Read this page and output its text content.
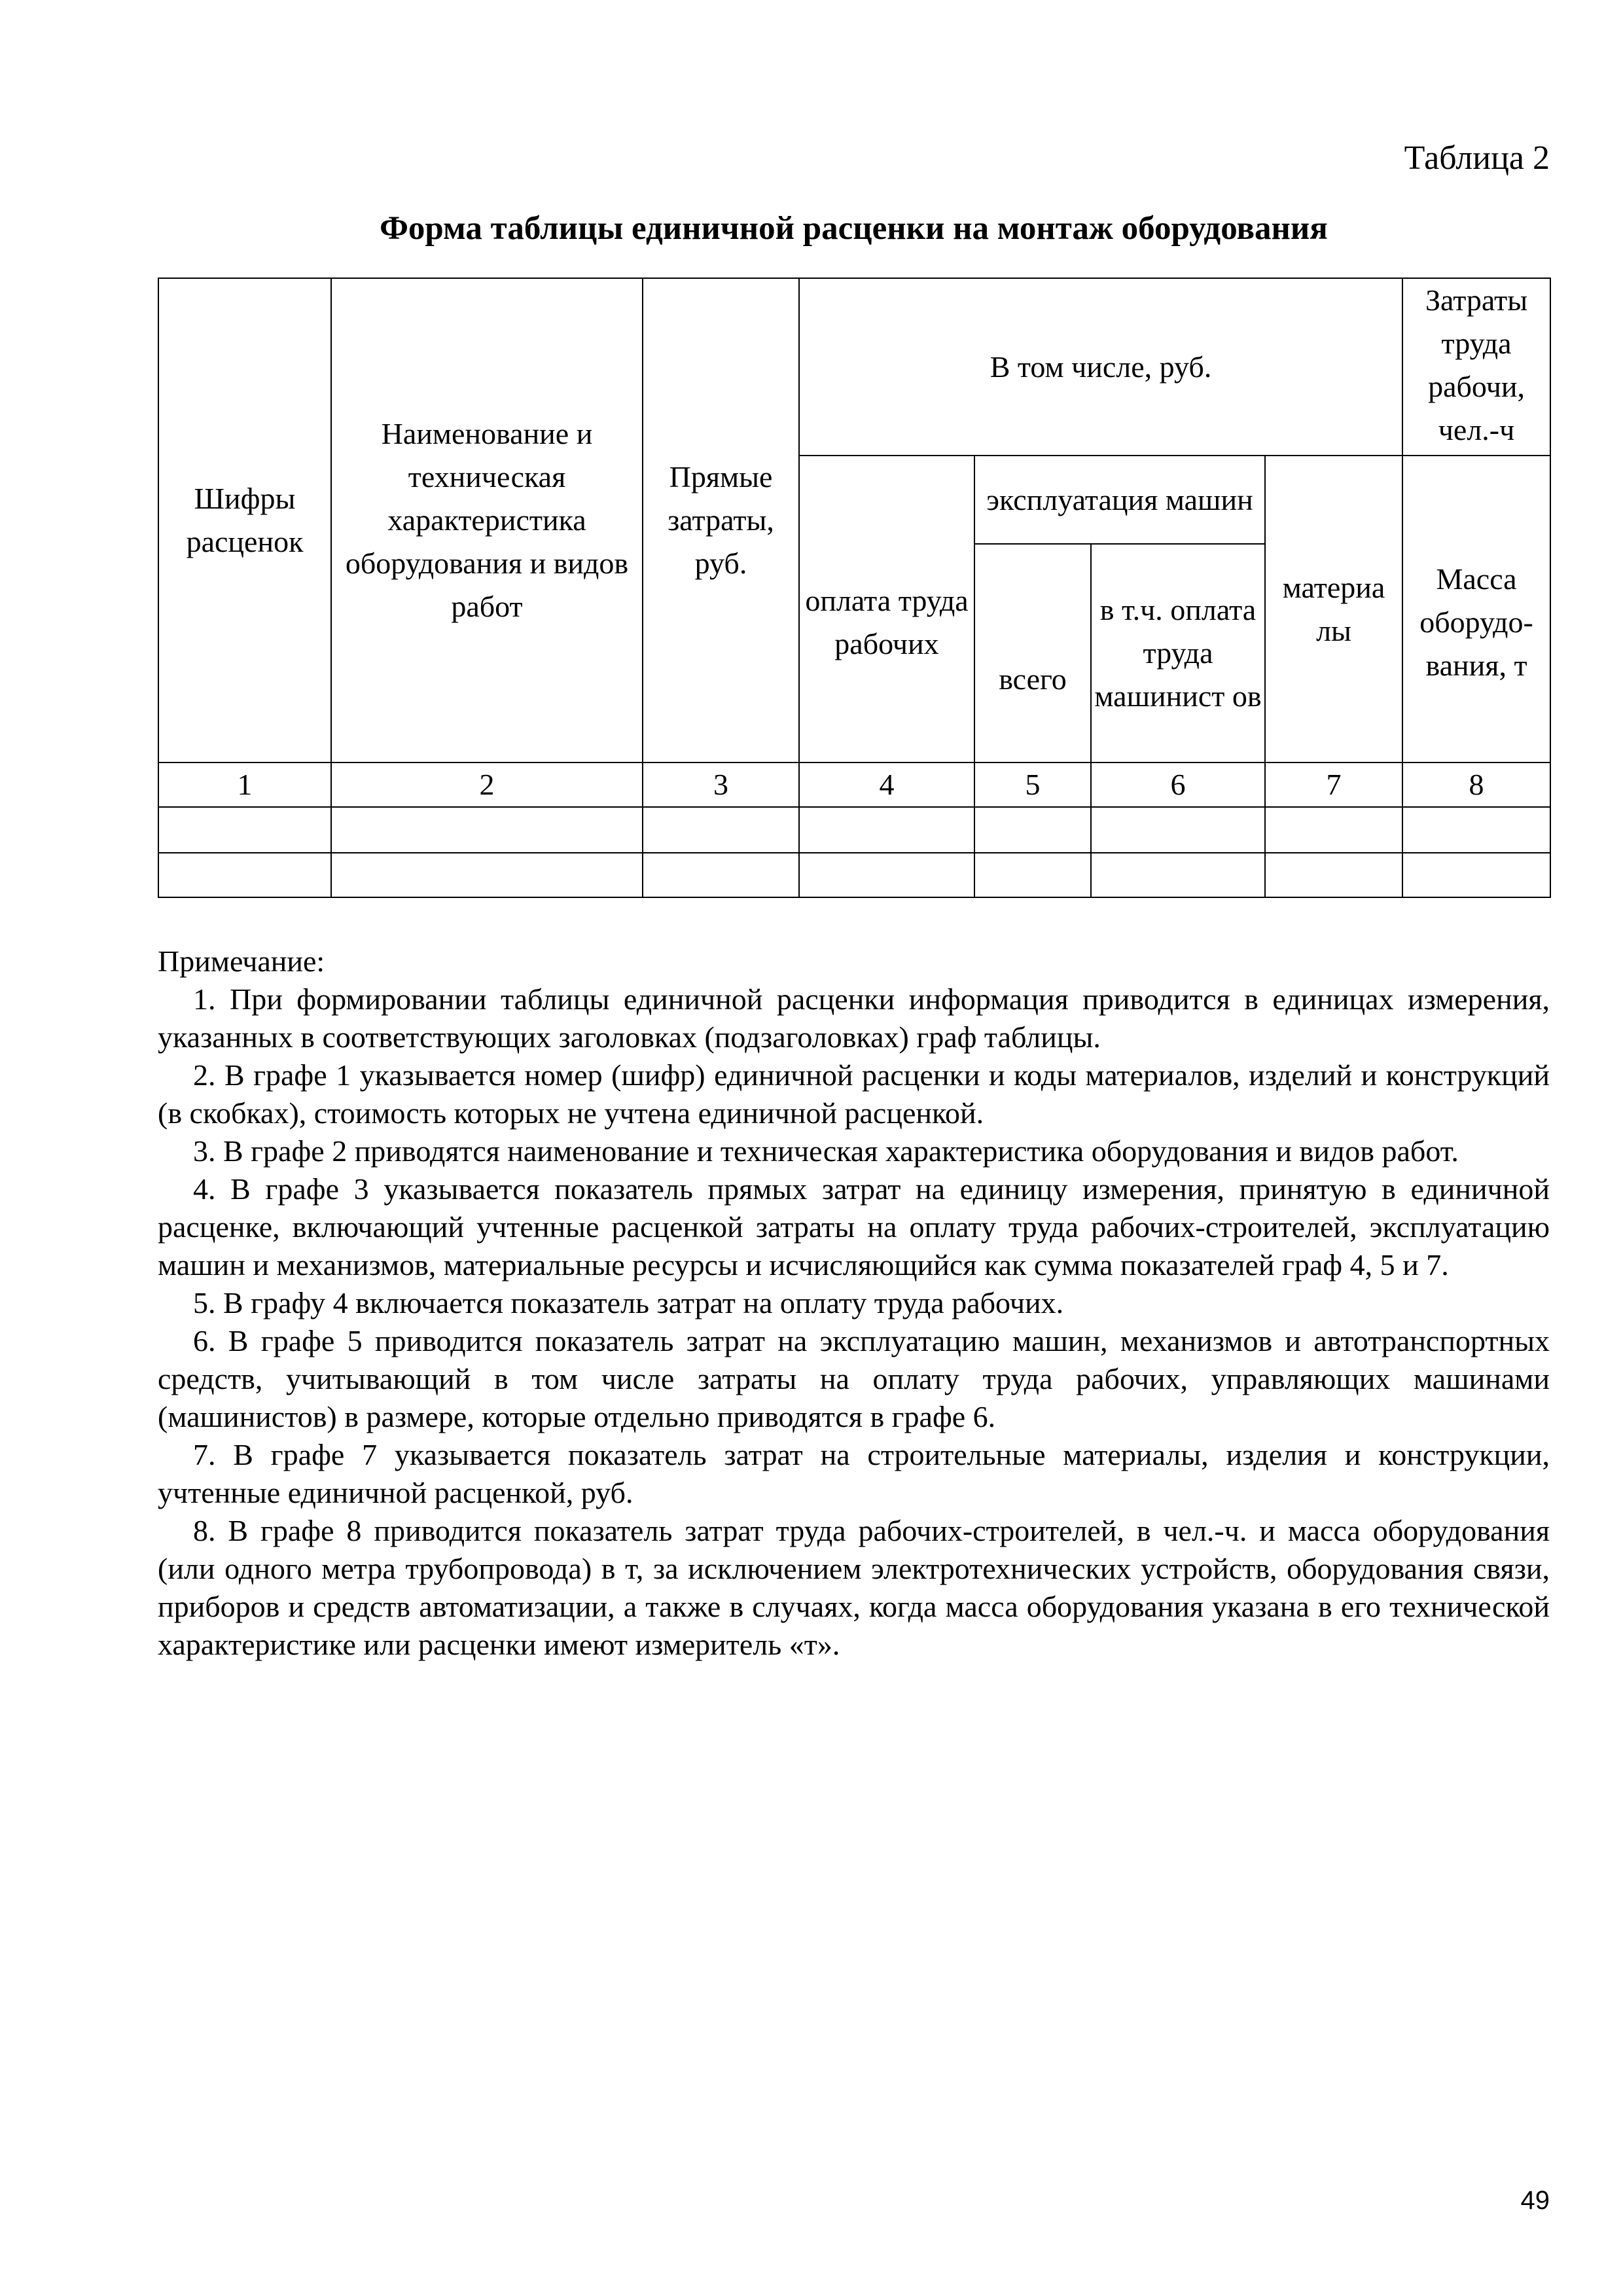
Таблица 2
Форма таблицы единичной расценки на монтаж оборудования
Шифры расценок	Наименование и техническая характеристика оборудования и видов работ	Прямые затраты, руб.	В том числе, руб.				Затраты труда рабочи, чел.-ч
			оплата труда рабочих	эксплуатация машин		материа лы	Масса оборудо-вания, т
				всего	в т.ч. оплата труда машинист ов		
1	2	3	4	5	6	7	8

Примечание:

1. При формировании таблицы единичной расценки информация приводится в единицах измерения, указанных в соответствующих заголовках (подзаголовках) граф таблицы.

2. В графе 1 указывается номер (шифр) единичной расценки и коды материалов, изделий и конструкций (в скобках), стоимость которых не учтена единичной расценкой.

3. В графе 2 приводятся наименование и техническая характеристика оборудования и видов работ.

4. В графе 3 указывается показатель прямых затрат на единицу измерения, принятую в единичной расценке, включающий учтенные расценкой затраты на оплату труда рабочих-строителей, эксплуатацию машин и механизмов, материальные ресурсы и исчисляющийся как сумма показателей граф 4, 5 и 7.

5. В графу 4 включается показатель затрат на оплату труда рабочих.

6. В графе 5 приводится показатель затрат на эксплуатацию машин, механизмов и автотранспортных средств, учитывающий в том числе затраты на оплату труда рабочих, управляющих машинами (машинистов) в размере, которые отдельно приводятся в графе 6.

7. В графе 7 указывается показатель затрат на строительные материалы, изделия и конструкции, учтенные единичной расценкой, руб.

8. В графе 8 приводится показатель затрат труда рабочих-строителей, в чел.-ч. и масса оборудования (или одного метра трубопровода) в т, за исключением электротехнических устройств, оборудования связи, приборов и средств автоматизации, а также в случаях, когда масса оборудования указана в его технической характеристике или расценки имеют измеритель «т».

49
